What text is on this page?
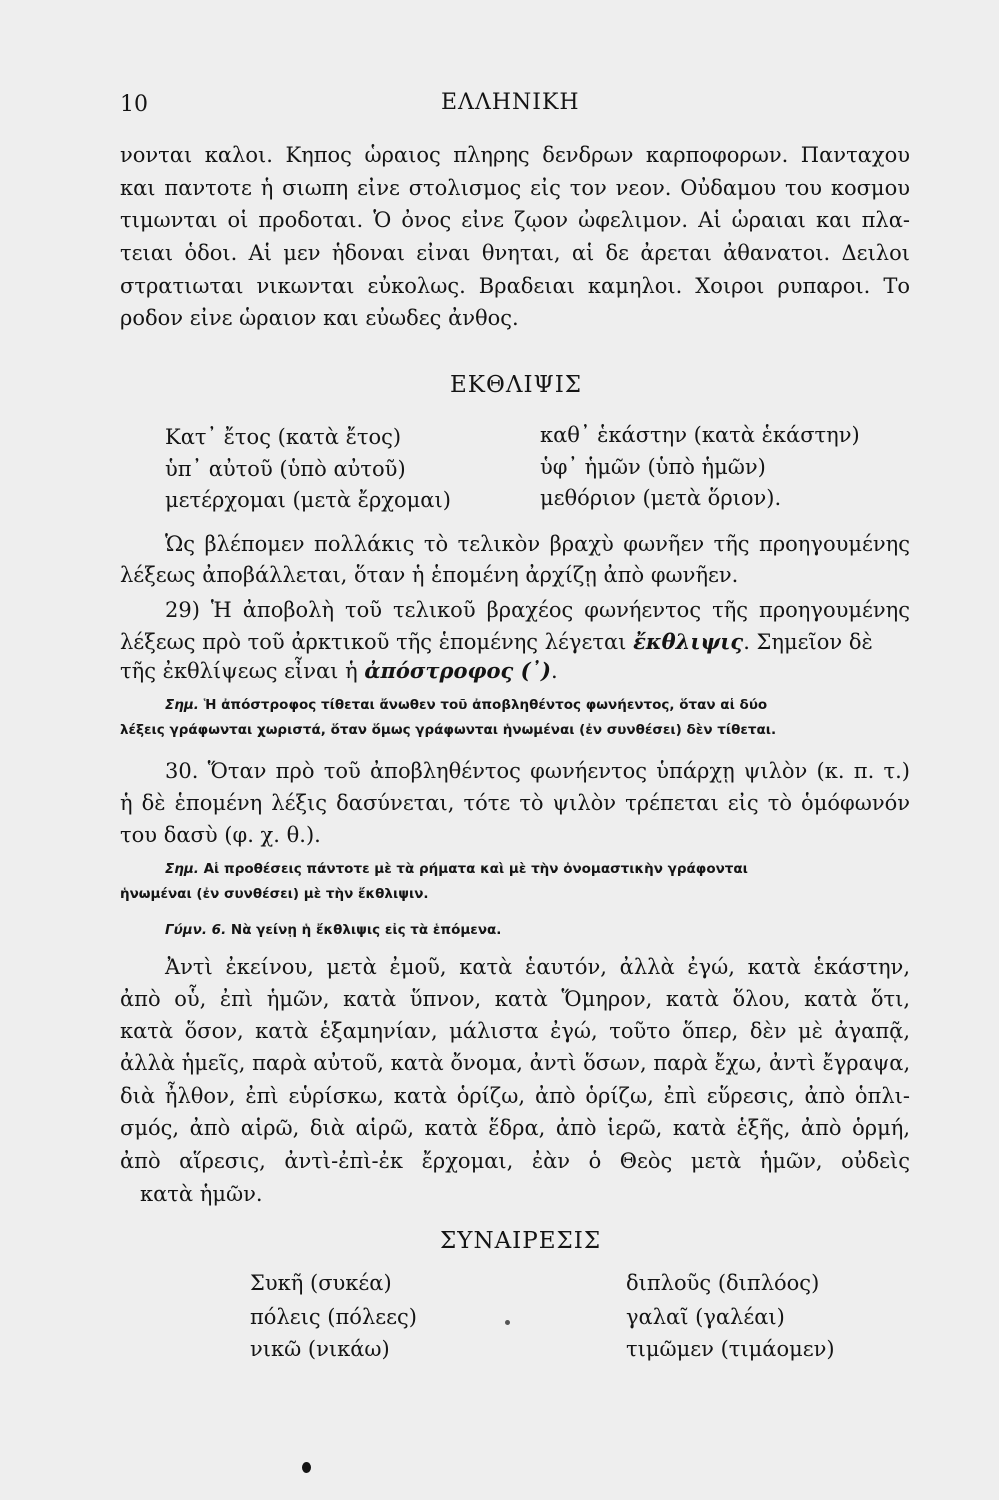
10	ΕΛΛΗΝΙΚΗ
νονται καλοι. Κηπος ὡραιος πληρης δενδρων καρποφορων. Πανταχου
και παντοτε ἡ σιωπη εἰνε στολισμος εἰς τον νεον. Οὐδαμου του κοσμου
τιμωνται οἱ προδοται. Ὁ ὀνος εἰνε ζῳον ὠφελιμον. Αἱ ὡραιαι και πλα-
τειαι ὁδοι. Αἱ μεν ἡδοναι εἰναι θνηται, αἱ δε ἀρεται ἀθανατοι. Δειλοι
στρατιωται νικωνται εὐκολως. Βραδειαι καμηλοι. Χοιροι ρυπαροι. Το
ροδον εἰνε ὡραιον και εὐωδες ἀνθος.
ΕΚΘΛΙΨΙΣ
Κατ᾽ ἔτος (κατὰ ἔτος)
ὑπ᾽ αὐτοῦ (ὑπὸ αὐτοῦ)
μετέρχομαι (μετὰ ἔρχομαι)
καθ᾽ ἑκάστην (κατὰ ἑκάστην)
ὑφ᾽ ἡμῶν (ὑπὸ ἡμῶν)
μεθόριον (μετὰ ὅριον).
Ὡς βλέπομεν πολλάκις τὸ τελικὸν βραχὺ φωνῆεν τῆς προηγουμένης
λέξεως ἀποβάλλεται, ὅταν ἡ ἑπομένη ἀρχίζῃ ἀπὸ φωνῆεν.
29) Ἡ ἀποβολὴ τοῦ τελικοῦ βραχέος φωνήεντος τῆς προηγουμένης
λέξεως πρὸ τοῦ ἀρκτικοῦ τῆς ἑπομένης λέγεται ἔκθλιψις. Σημεῖον δὲ
τῆς ἐκθλίψεως εἶναι ἡ ἀπόστροφος (᾽).
Σημ. Ἡ ἀπόστροφος τίθεται ἄνωθεν τοῦ ἀποβληθέντος φωνήεντος, ὅταν αἱ δύο
λέξεις γράφωνται χωριστά, ὅταν ὅμως γράφωνται ἡνωμέναι (ἐν συνθέσει) δὲν τίθεται.
30. Ὅταν πρὸ τοῦ ἀποβληθέντος φωνήεντος ὑπάρχῃ ψιλὸν (κ. π. τ.)
ἡ δὲ ἑπομένη λέξις δασύνεται, τότε τὸ ψιλὸν τρέπεται εἰς τὸ ὁμόφωνόν
του δασὺ (φ. χ. θ.).
Σημ. Αἱ προθέσεις πάντοτε μὲ τὰ ρήματα καὶ μὲ τὴν ὀνομαστικὴν γράφονται
ἡνωμέναι (ἐν συνθέσει) μὲ τὴν ἔκθλιψιν.
Γύμν. 6. Νὰ γείνῃ ἡ ἔκθλιψις εἰς τὰ ἑπόμενα.
Ἀντὶ ἐκείνου, μετὰ ἐμοῦ, κατὰ ἑαυτόν, ἀλλὰ ἐγώ, κατὰ ἑκάστην,
ἀπὸ οὗ, ἐπὶ ἡμῶν, κατὰ ὕπνον, κατὰ Ὅμηρον, κατὰ ὅλου, κατὰ ὅτι,
κατὰ ὅσον, κατὰ ἑξαμηνίαν, μάλιστα ἐγώ, τοῦτο ὅπερ, δὲν μὲ ἀγαπᾷ,
ἀλλὰ ἡμεῖς, παρὰ αὐτοῦ, κατὰ ὄνομα, ἀντὶ ὅσων, παρὰ ἔχω, ἀντὶ ἔγραψα,
διὰ ἦλθον, ἐπὶ εὑρίσκω, κατὰ ὁρίζω, ἀπὸ ὁρίζω, ἐπὶ εὕρεσις, ἀπὸ ὁπλι-
σμός, ἀπὸ αἱρῶ, διὰ αἱρῶ, κατὰ ἕδρα, ἀπὸ ἱερῶ, κατὰ ἑξῆς, ἀπὸ ὁρμή,
ἀπὸ αἵρεσις, ἀντὶ-ἐπὶ-ἐκ ἔρχομαι, ἐὰν ὁ Θεὸς μετὰ ἡμῶν, οὐδεὶς
κατὰ ἡμῶν.
ΣΥΝΑΙΡΕΣΙΣ
Συκῆ (συκέα)
πόλεις (πόλεες)
νικῶ (νικάω)
διπλοῦς (διπλόος)
γαλαῖ (γαλέαι)
τιμῶμεν (τιμάομεν)
